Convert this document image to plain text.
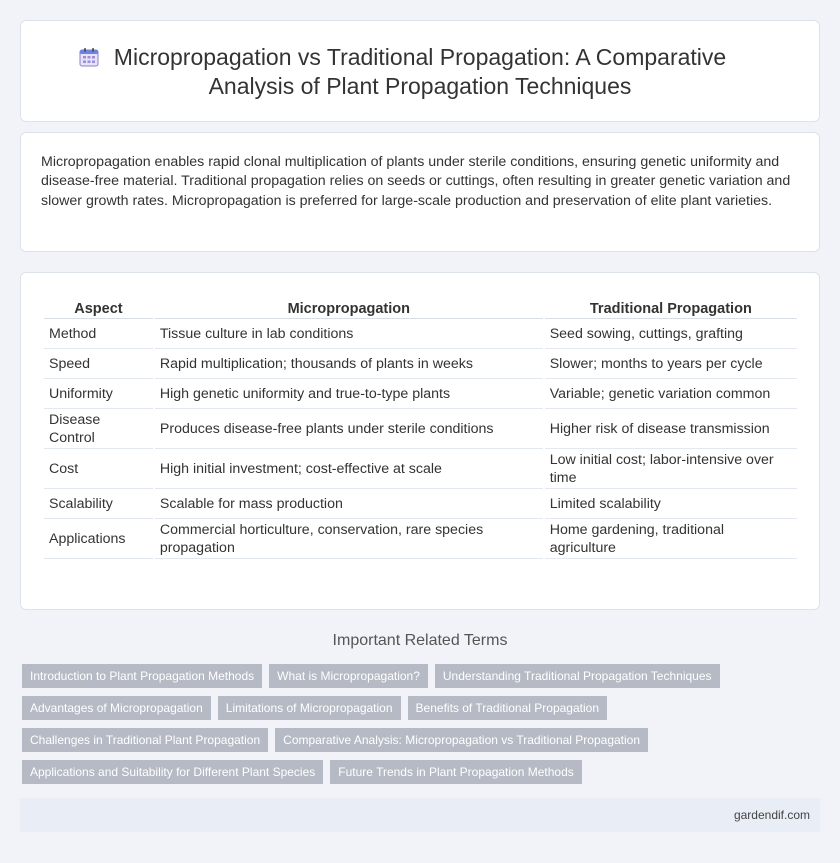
Micropropagation vs Traditional Propagation: A Comparative
Analysis of Plant Propagation Techniques

Micropropagation enables rapid clonal multiplication of plants under sterile conditions, ensuring genetic uniformity and disease-free material. Traditional propagation relies on seeds or cuttings, often resulting in greater genetic variation and slower growth rates. Micropropagation is preferred for large-scale production and preservation of elite plant varieties.

Aspect	Micropropagation	Traditional Propagation
Method	Tissue culture in lab conditions	Seed sowing, cuttings, grafting
Speed	Rapid multiplication; thousands of plants in weeks	Slower; months to years per cycle
Uniformity	High genetic uniformity and true-to-type plants	Variable; genetic variation common
Disease Control	Produces disease-free plants under sterile conditions	Higher risk of disease transmission
Cost	High initial investment; cost-effective at scale	Low initial cost; labor-intensive over time
Scalability	Scalable for mass production	Limited scalability
Applications	Commercial horticulture, conservation, rare species propagation	Home gardening, traditional agriculture
Important Related Terms
Introduction to Plant Propagation Methods	What is Micropropagation?	Understanding Traditional Propagation Techniques
Advantages of Micropropagation	Limitations of Micropropagation	Benefits of Traditional Propagation
Challenges in Traditional Plant Propagation	Comparative Analysis: Micropropagation vs Traditional Propagation
Applications and Suitability for Different Plant Species	Future Trends in Plant Propagation Methods
gardendif.com
